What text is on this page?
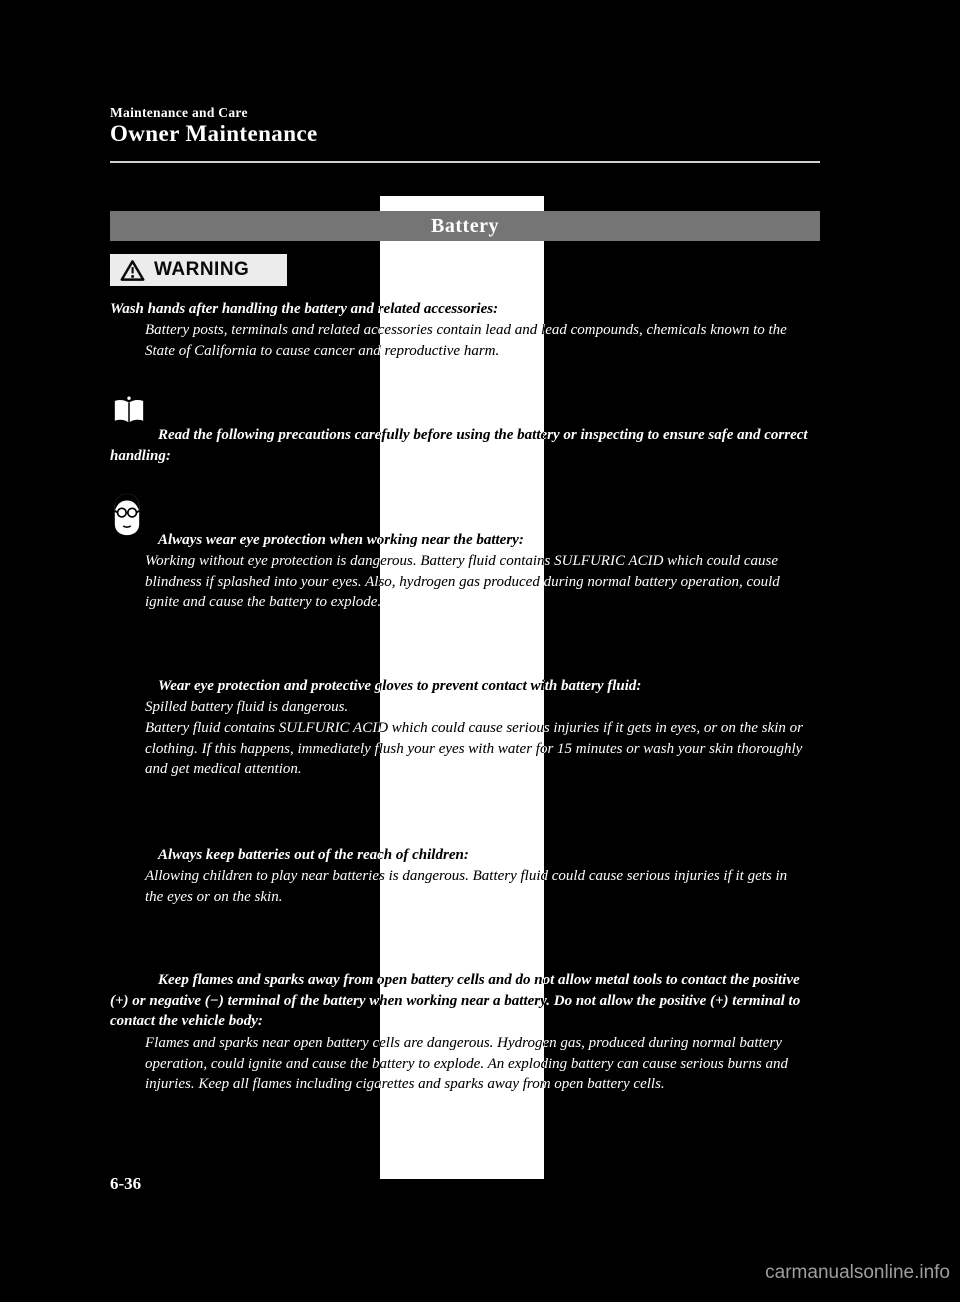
Maintenance and Care
Owner Maintenance
Battery
WARNING

Wash hands after handling the battery and related accessories:

Battery posts, terminals and related accessories contain lead and lead compounds, chemicals known to the State of California to cause cancer and reproductive harm.

Read the following precautions carefully before using the battery or inspecting to ensure safe and correct handling:

Always wear eye protection when working near the battery:

Working without eye protection is dangerous. Battery fluid contains SULFURIC ACID which could cause blindness if splashed into your eyes. Also, hydrogen gas produced during normal battery operation, could ignite and cause the battery to explode.

Wear eye protection and protective gloves to prevent contact with battery fluid:

Spilled battery fluid is dangerous.

Battery fluid contains SULFURIC ACID which could cause serious injuries if it gets in eyes, or on the skin or clothing. If this happens, immediately flush your eyes with water for 15 minutes or wash your skin thoroughly and get medical attention.

Always keep batteries out of the reach of children:

Allowing children to play near batteries is dangerous. Battery fluid could cause serious injuries if it gets in the eyes or on the skin.

Keep flames and sparks away from open battery cells and do not allow metal tools to contact the positive (+) or negative (−) terminal of the battery when working near a battery. Do not allow the positive (+) terminal to contact the vehicle body:

Flames and sparks near open battery cells are dangerous. Hydrogen gas, produced during normal battery operation, could ignite and cause the battery to explode. An exploding battery can cause serious burns and injuries. Keep all flames including cigarettes and sparks away from open battery cells.

6-36
carmanualsonline.info
